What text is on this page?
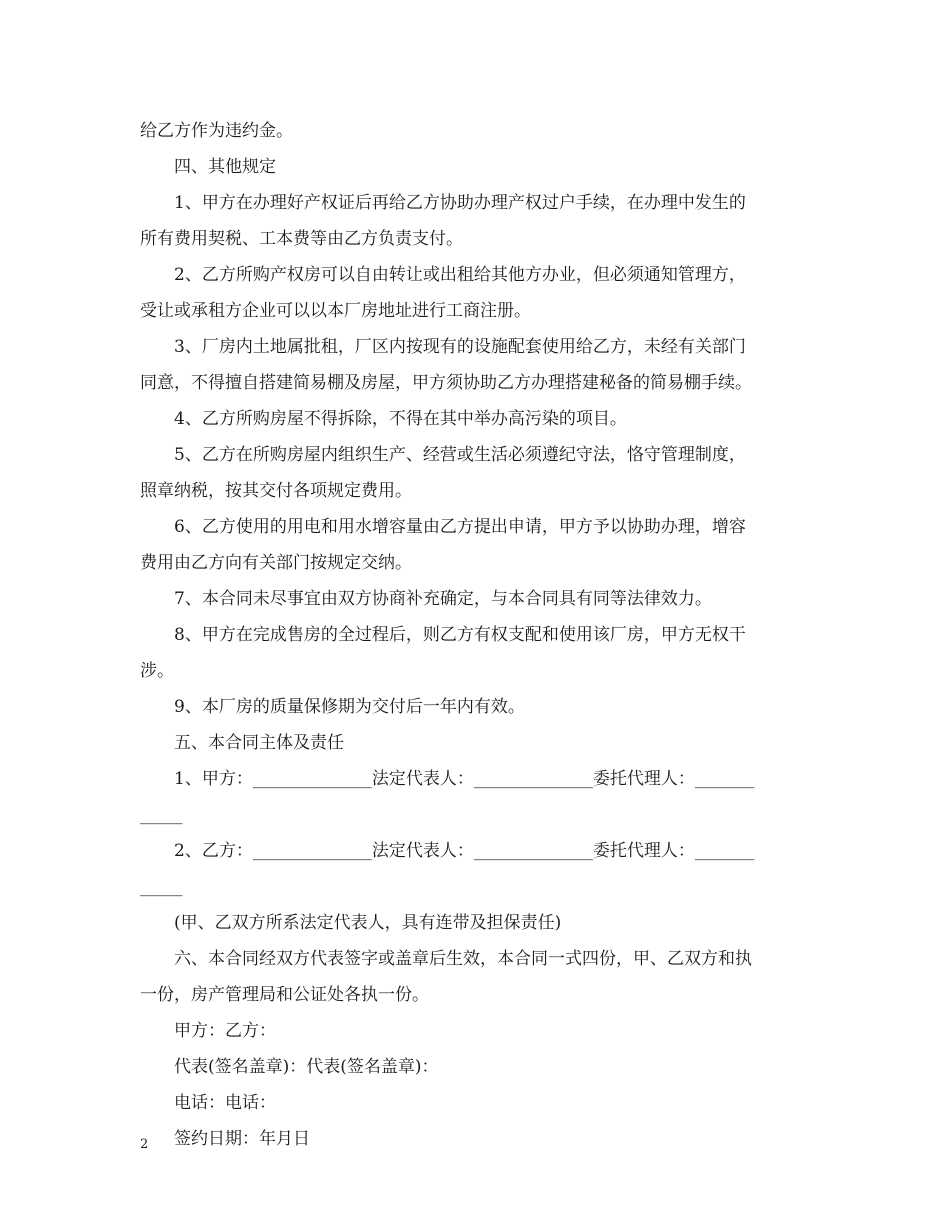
给乙方作为违约金。
四、其他规定
1、甲方在办理好产权证后再给乙方协助办理产权过户手续，在办理中发生的
所有费用契税、工本费等由乙方负责支付。
2、乙方所购产权房可以自由转让或出租给其他方办业，但必须通知管理方，
受让或承租方企业可以以本厂房地址进行工商注册。
3、厂房内土地属批租，厂区内按现有的设施配套使用给乙方，未经有关部门
同意，不得擅自搭建简易棚及房屋，甲方须协助乙方办理搭建秘备的简易棚手续。
4、乙方所购房屋不得拆除，不得在其中举办高污染的项目。
5、乙方在所购房屋内组织生产、经营或生活必须遵纪守法，恪守管理制度，
照章纳税，按其交付各项规定费用。
6、乙方使用的用电和用水增容量由乙方提出申请，甲方予以协助办理，增容
费用由乙方向有关部门按规定交纳。
7、本合同未尽事宜由双方协商补充确定，与本合同具有同等法律效力。
8、甲方在完成售房的全过程后，则乙方有权支配和使用该厂房，甲方无权干
涉。
9、本厂房的质量保修期为交付后一年内有效。
五、本合同主体及责任
1、甲方：______________法定代表人：______________委托代理人：_______
_____
2、乙方：______________法定代表人：______________委托代理人：_______
_____
(甲、乙双方所系法定代表人，具有连带及担保责任)
六、本合同经双方代表签字或盖章后生效，本合同一式四份，甲、乙双方和执
一份，房产管理局和公证处各执一份。
甲方：乙方：
代表(签名盖章)：代表(签名盖章)：
电话：电话：
签约日期：年月日
2
